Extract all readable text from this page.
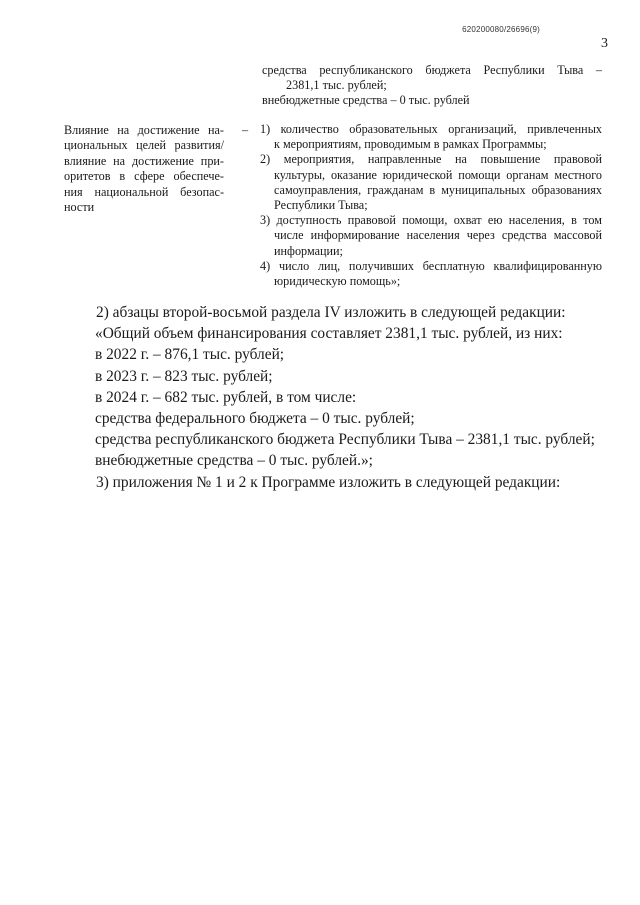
620200080/26696(9)
3

средства республиканского бюджета Республики Тыва –

2381,1 тыс. рублей;

внебюджетные средства – 0 тыс. рублей

Влияние на достижение на-
циональных целей развития/
влияние на достижение при-
оритетов в сфере обеспече-
ния национальной безопас-
ности
– 1) количество образовательных организаций, привлеченных
к мероприятиям, проводимым в рамках Программы;
2) мероприятия, направленные на повышение правовой
культуры, оказание юридической помощи органам местного
самоуправления, гражданам в муниципальных образованиях
Республики Тыва;
3) доступность правовой помощи, охват ею населения, в том
числе информирование населения через средства массовой
информации;
4) число лиц, получивших бесплатную квалифицированную
юридическую помощь»;

2) абзацы второй-восьмой раздела IV изложить в следующей редакции:

«Общий объем финансирования составляет 2381,1 тыс. рублей, из них:

в 2022 г. – 876,1 тыс. рублей;

в 2023 г. – 823 тыс. рублей;

в 2024 г. – 682 тыс. рублей, в том числе:

средства федерального бюджета – 0 тыс. рублей;

средства республиканского бюджета Республики Тыва – 2381,1 тыс. рублей;

внебюджетные средства – 0 тыс. рублей.»;

3) приложения № 1 и 2 к Программе изложить в следующей редакции:
